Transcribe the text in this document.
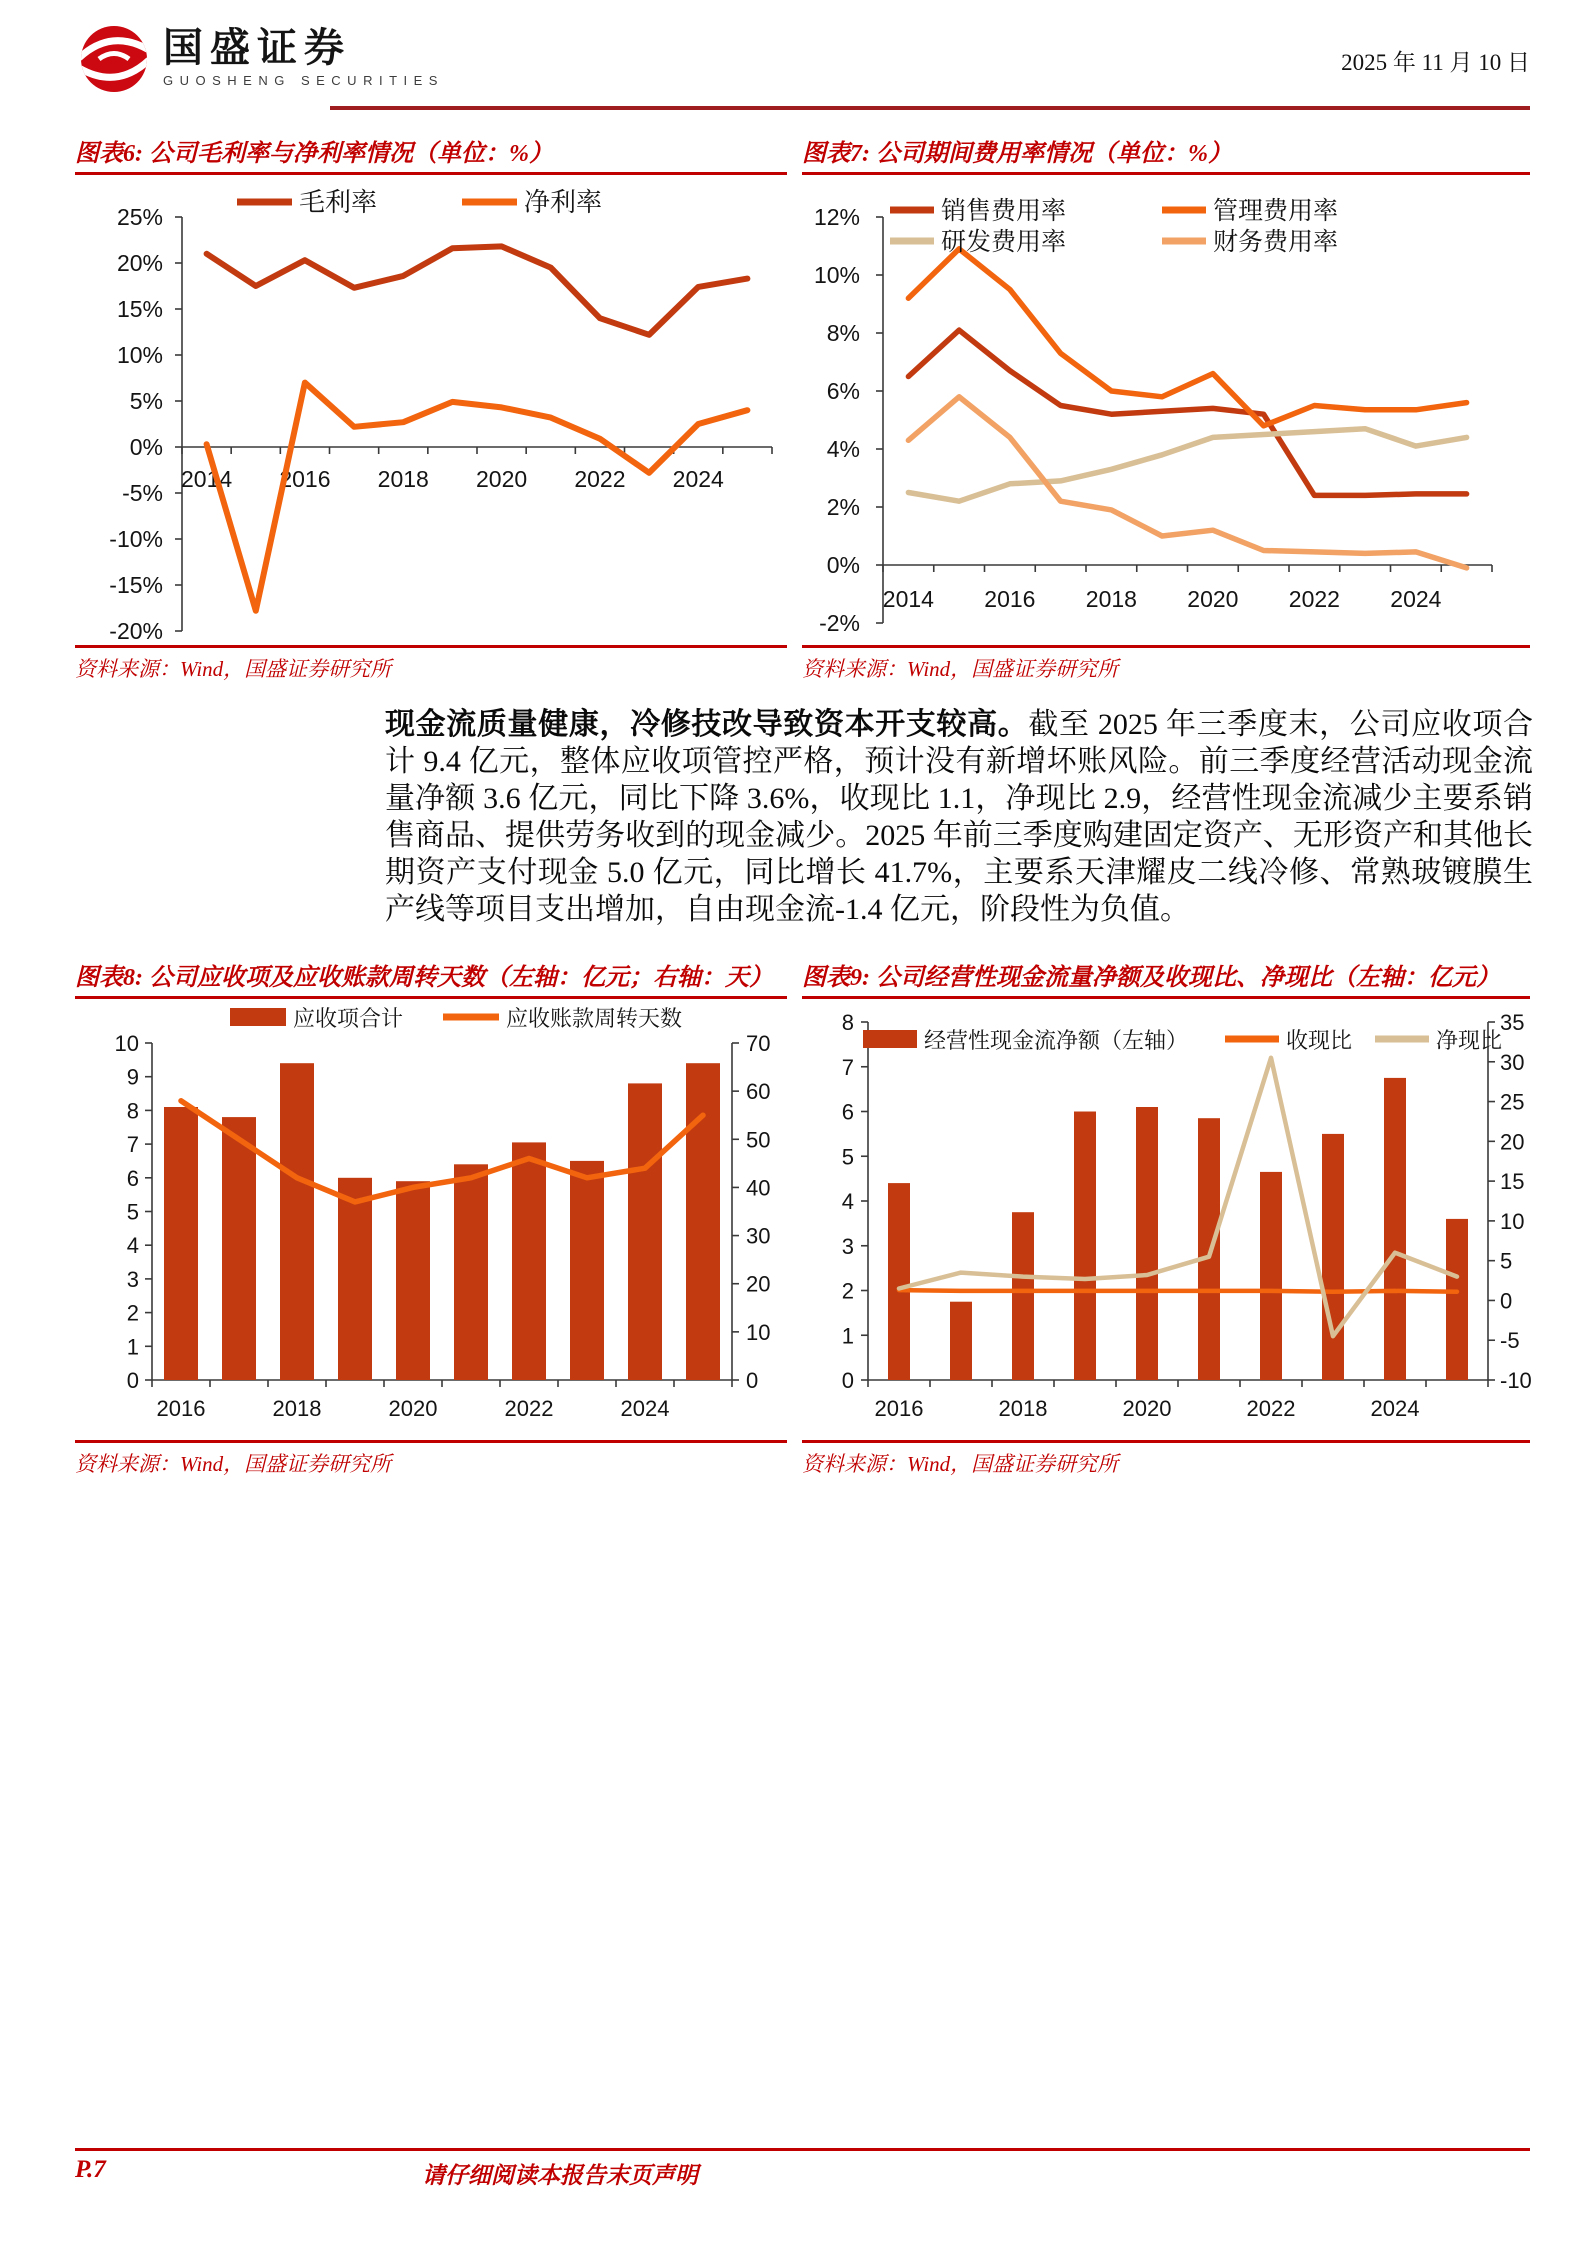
国盛证券
GUOSHENG SECURITIES
2025 年 11 月 10 日
图表6: 公司毛利率与净利率情况（单位：%）
25%
20%
15%
10%
5%
0%
-5%
-10%
-15%
-20%
2014 2016 2018 2020 2022 2024
毛利率	净利率
资料来源：Wind，国盛证券研究所
图表7: 公司期间费用率情况（单位：%）
12%
10%
8%
6%
4%
2%
0%
-2%
2014 2016 2018 2020 2022 2024
销售费用率	管理费用率
研发费用率	财务费用率
资料来源：Wind，国盛证券研究所
现金流质量健康，冷修技改导致资本开支较高。截至 2025 年三季度末，公司应收项合计 9.4 亿元，整体应收项管控严格，预计没有新增坏账风险。前三季度经营活动现金流量净额 3.6 亿元，同比下降 3.6%，收现比 1.1，净现比 2.9，经营性现金流减少主要系销售商品、提供劳务收到的现金减少。2025 年前三季度购建固定资产、无形资产和其他长期资产支付现金 5.0 亿元，同比增长 41.7%，主要系天津耀皮二线冷修、常熟玻镀膜生产线等项目支出增加，自由现金流-1.4 亿元，阶段性为负值。
图表8: 公司应收项及应收账款周转天数（左轴：亿元；右轴：天）
10
9
8
7
6
5
4
3
2
1
0
70
60
50
40
30
20
10
0
2016	2018	2020	2022	2024
应收项合计	应收账款周转天数
资料来源：Wind，国盛证券研究所
图表9: 公司经营性现金流量净额及收现比、净现比（左轴：亿元）
8
7
6
5
4
3
2
1
0
35
30
25
20
15
10
5
0
-5
-10
2016	2018	2020	2022	2024
经营性现金流净额（左轴）	收现比	净现比
资料来源：Wind，国盛证券研究所
P.7	请仔细阅读本报告末页声明
